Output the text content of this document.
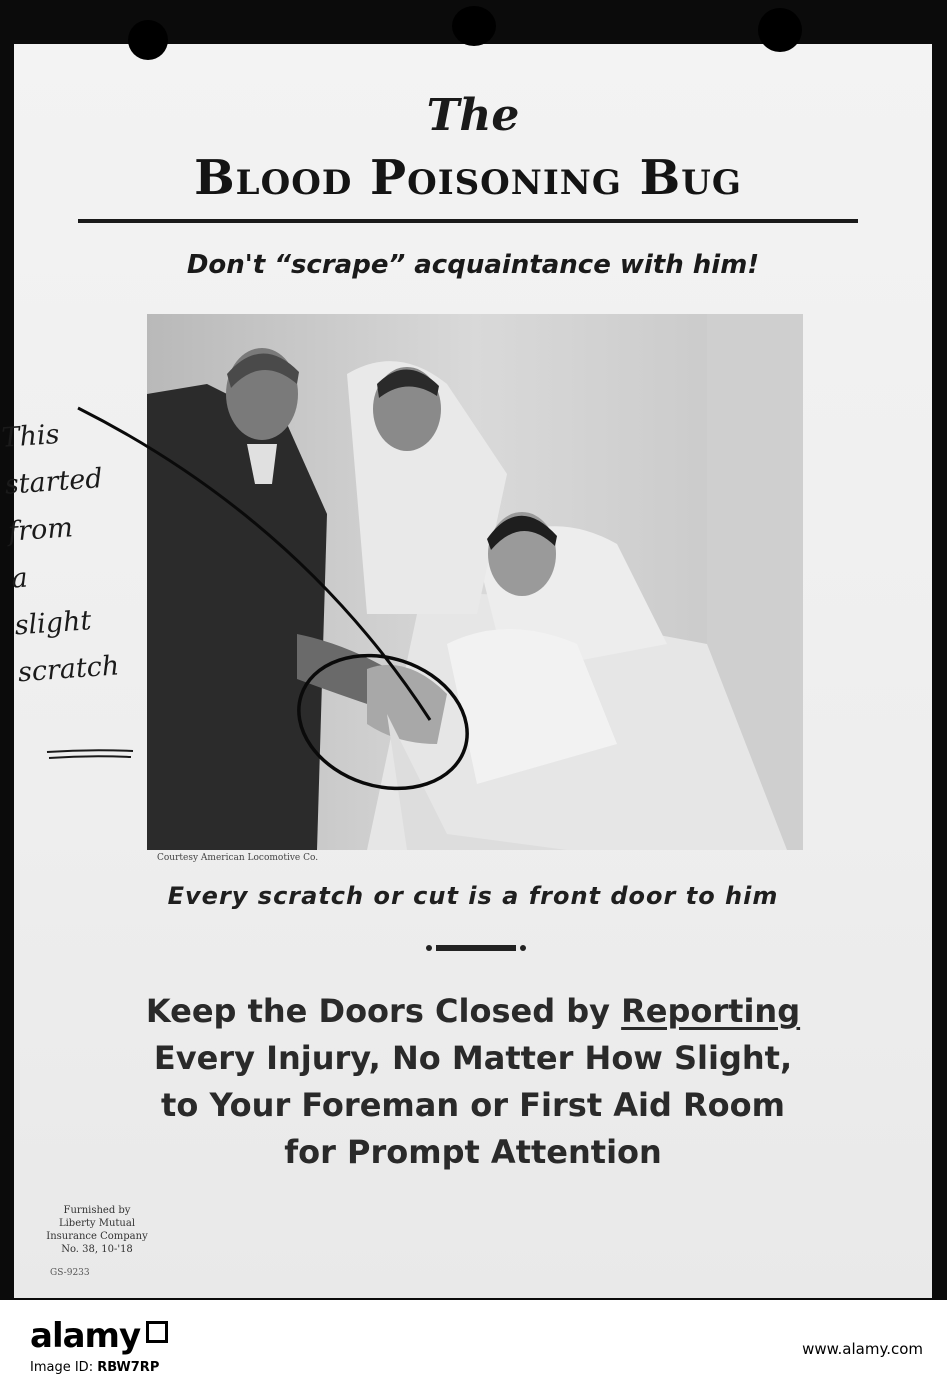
The
Blood Poisoning Bug
Don't “scrape” acquaintance with him!
Courtesy American Locomotive Co.
Every scratch or cut is a front door to him
Keep the Doors Closed by Reporting
Every Injury, No Matter How Slight,
to Your Foreman or First Aid Room
for Prompt Attention
Furnished by
Liberty Mutual
Insurance Company
No. 38, 10-'18
GS-9233
This
started
from
a
slight
scratch
alamy
Image ID: RBW7RP
www.alamy.com
